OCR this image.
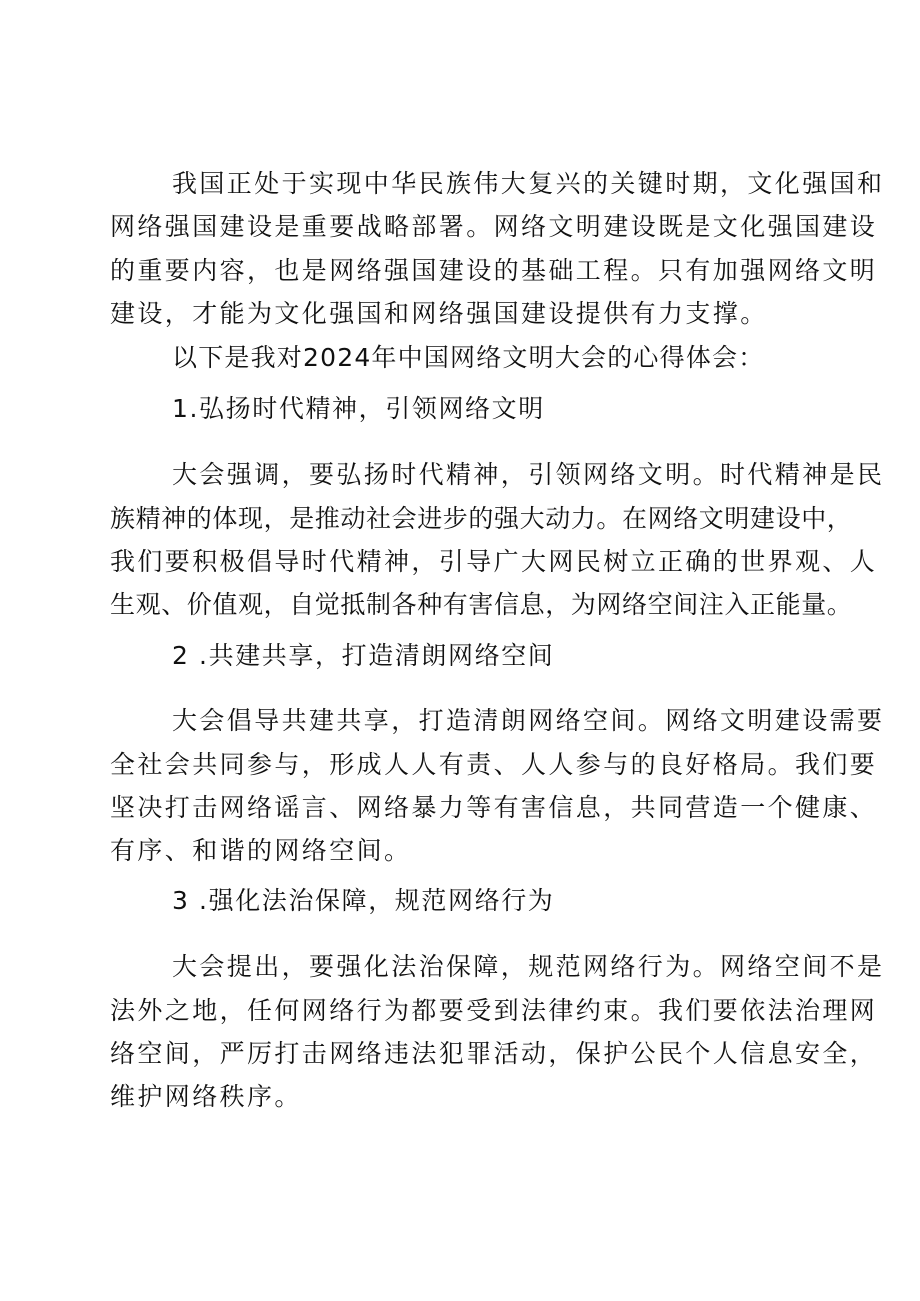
我国正处于实现中华民族伟大复兴的关键时期，文化强国和

网络强国建设是重要战略部署。网络文明建设既是文化强国建设

的重要内容，也是网络强国建设的基础工程。只有加强网络文明

建设，才能为文化强国和网络强国建设提供有力支撑。

以下是我对2024年中国网络文明大会的心得体会：

1.弘扬时代精神，引领网络文明

大会强调，要弘扬时代精神，引领网络文明。时代精神是民

族精神的体现，是推动社会进步的强大动力。在网络文明建设中，

我们要积极倡导时代精神，引导广大网民树立正确的世界观、人

生观、价值观，自觉抵制各种有害信息，为网络空间注入正能量。

2 .共建共享，打造清朗网络空间

大会倡导共建共享，打造清朗网络空间。网络文明建设需要

全社会共同参与，形成人人有责、人人参与的良好格局。我们要

坚决打击网络谣言、网络暴力等有害信息，共同营造一个健康、

有序、和谐的网络空间。

3 .强化法治保障，规范网络行为

大会提出，要强化法治保障，规范网络行为。网络空间不是

法外之地，任何网络行为都要受到法律约束。我们要依法治理网

络空间，严厉打击网络违法犯罪活动，保护公民个人信息安全，

维护网络秩序。
